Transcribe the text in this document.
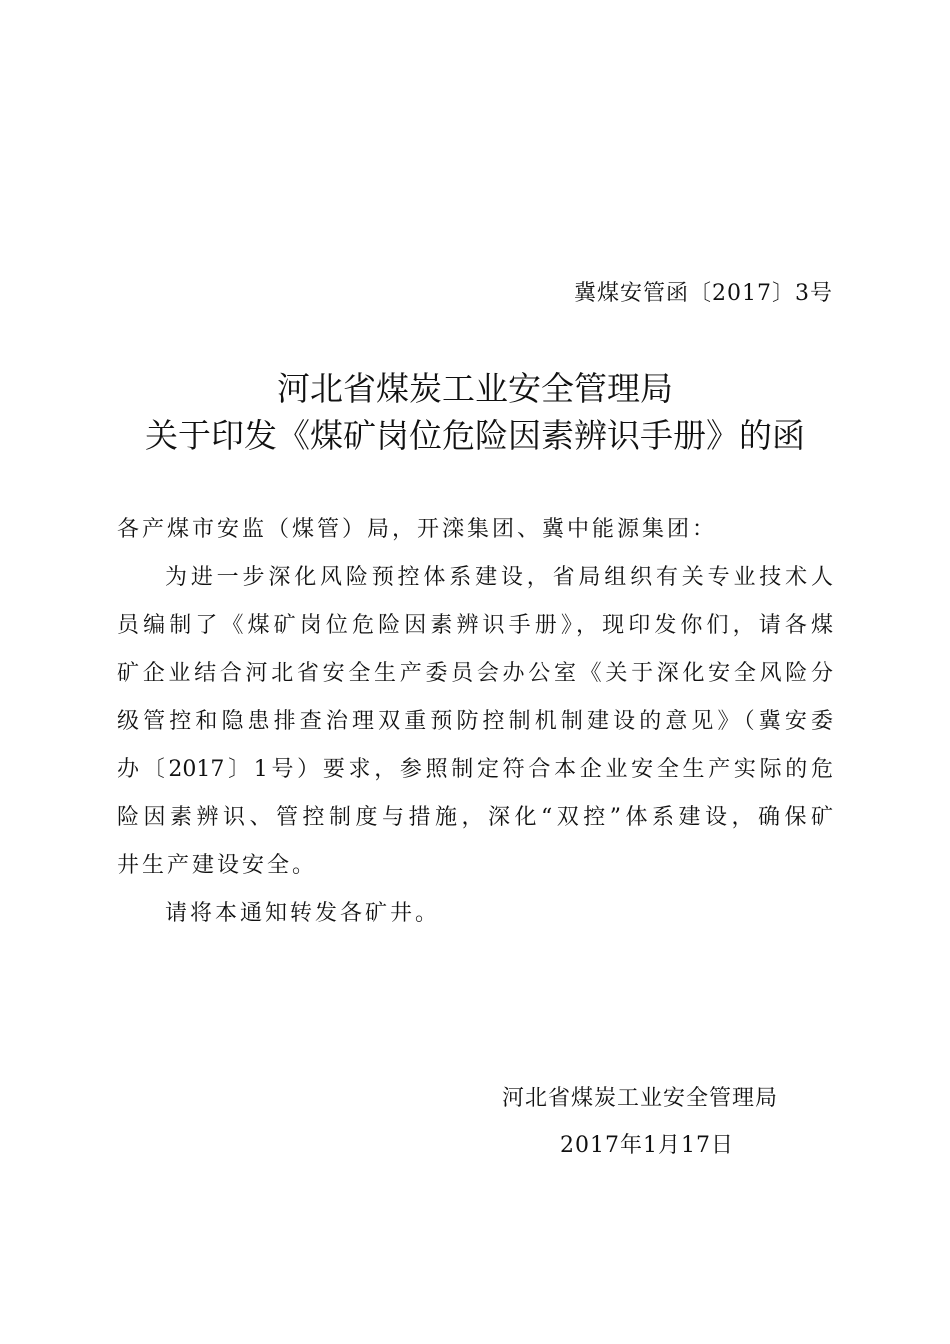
冀煤安管函〔2017〕3号
河北省煤炭工业安全管理局
关于印发《煤矿岗位危险因素辨识手册》的函
各产煤市安监（煤管）局，开滦集团、冀中能源集团：
为进一步深化风险预控体系建设，省局组织有关专业技术人
员编制了《煤矿岗位危险因素辨识手册》，现印发你们，请各煤
矿企业结合河北省安全生产委员会办公室《关于深化安全风险分
级管控和隐患排查治理双重预防控制机制建设的意见》（冀安委
办〔2017〕1号）要求，参照制定符合本企业安全生产实际的危
险因素辨识、管控制度与措施，深化“双控”体系建设，确保矿
井生产建设安全。
请将本通知转发各矿井。
河北省煤炭工业安全管理局
2017年1月17日
